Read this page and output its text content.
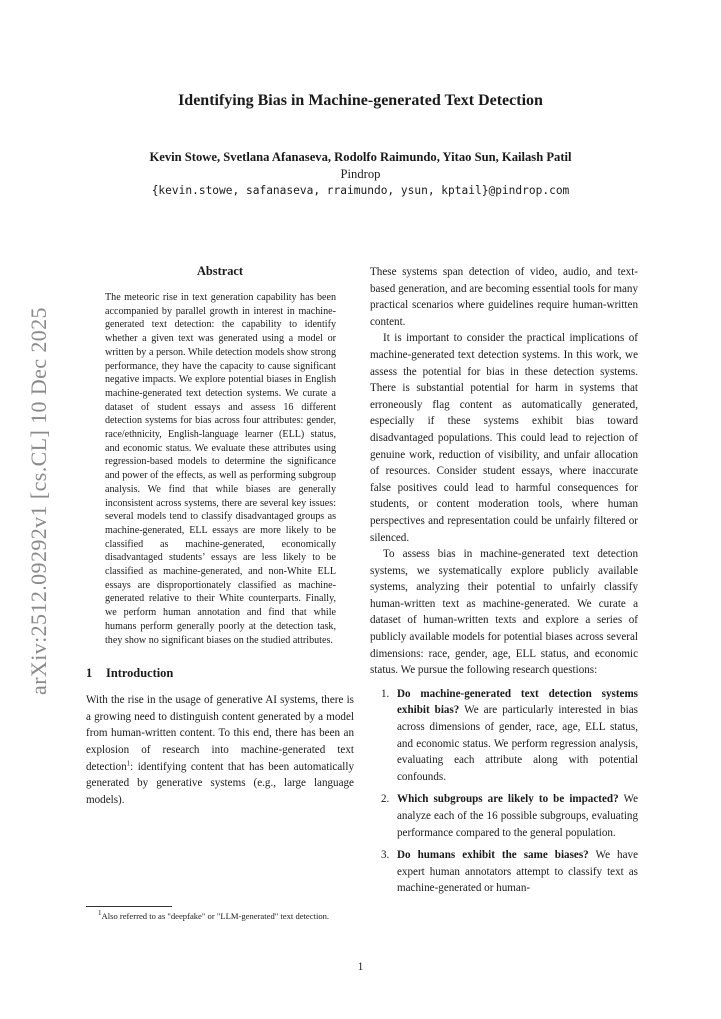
arXiv:2512.09292v1 [cs.CL] 10 Dec 2025
Identifying Bias in Machine-generated Text Detection
Kevin Stowe, Svetlana Afanaseva, Rodolfo Raimundo, Yitao Sun, Kailash Patil
Pindrop
{kevin.stowe, safanaseva, rraimundo, ysun, kptail}@pindrop.com
Abstract

The meteoric rise in text generation capability has been accompanied by parallel growth in interest in machine-generated text detection: the capability to identify whether a given text was generated using a model or written by a person. While detection models show strong performance, they have the capacity to cause significant negative impacts. We explore potential biases in English machine-generated text detection systems. We curate a dataset of student essays and assess 16 different detection systems for bias across four attributes: gender, race/ethnicity, English-language learner (ELL) status, and economic status. We evaluate these attributes using regression-based models to determine the significance and power of the effects, as well as performing subgroup analysis. We find that while biases are generally inconsistent across systems, there are several key issues: several models tend to classify disadvantaged groups as machine-generated, ELL essays are more likely to be classified as machine-generated, economically disadvantaged students’ essays are less likely to be classified as machine-generated, and non-White ELL essays are disproportionately classified as machine-generated relative to their White counterparts. Finally, we perform human annotation and find that while humans perform generally poorly at the detection task, they show no significant biases on the studied attributes.

1 Introduction

With the rise in the usage of generative AI systems, there is a growing need to distinguish content generated by a model from human-written content. To this end, there has been an explosion of research into machine-generated text detection$^1$: identifying content that has been automatically generated by generative systems (e.g., large language models).

$^1$Also referred to as "deepfake" or "LLM-generated" text detection.

These systems span detection of video, audio, and text-based generation, and are becoming essential tools for many practical scenarios where guidelines require human-written content.

It is important to consider the practical implications of machine-generated text detection systems. In this work, we assess the potential for bias in these detection systems. There is substantial potential for harm in systems that erroneously flag content as automatically generated, especially if these systems exhibit bias toward disadvantaged populations. This could lead to rejection of genuine work, reduction of visibility, and unfair allocation of resources. Consider student essays, where inaccurate false positives could lead to harmful consequences for students, or content moderation tools, where human perspectives and representation could be unfairly filtered or silenced.

To assess bias in machine-generated text detection systems, we systematically explore publicly available systems, analyzing their potential to unfairly classify human-written text as machine-generated. We curate a dataset of human-written texts and explore a series of publicly available models for potential biases across several dimensions: race, gender, age, ELL status, and economic status. We pursue the following research questions:

1. Do machine-generated text detection systems exhibit bias? We are particularly interested in bias across dimensions of gender, race, age, ELL status, and economic status. We perform regression analysis, evaluating each attribute along with potential confounds.
2. Which subgroups are likely to be impacted? We analyze each of the 16 possible subgroups, evaluating performance compared to the general population.
3. Do humans exhibit the same biases? We have expert human annotators attempt to classify text as machine-generated or human-
1
